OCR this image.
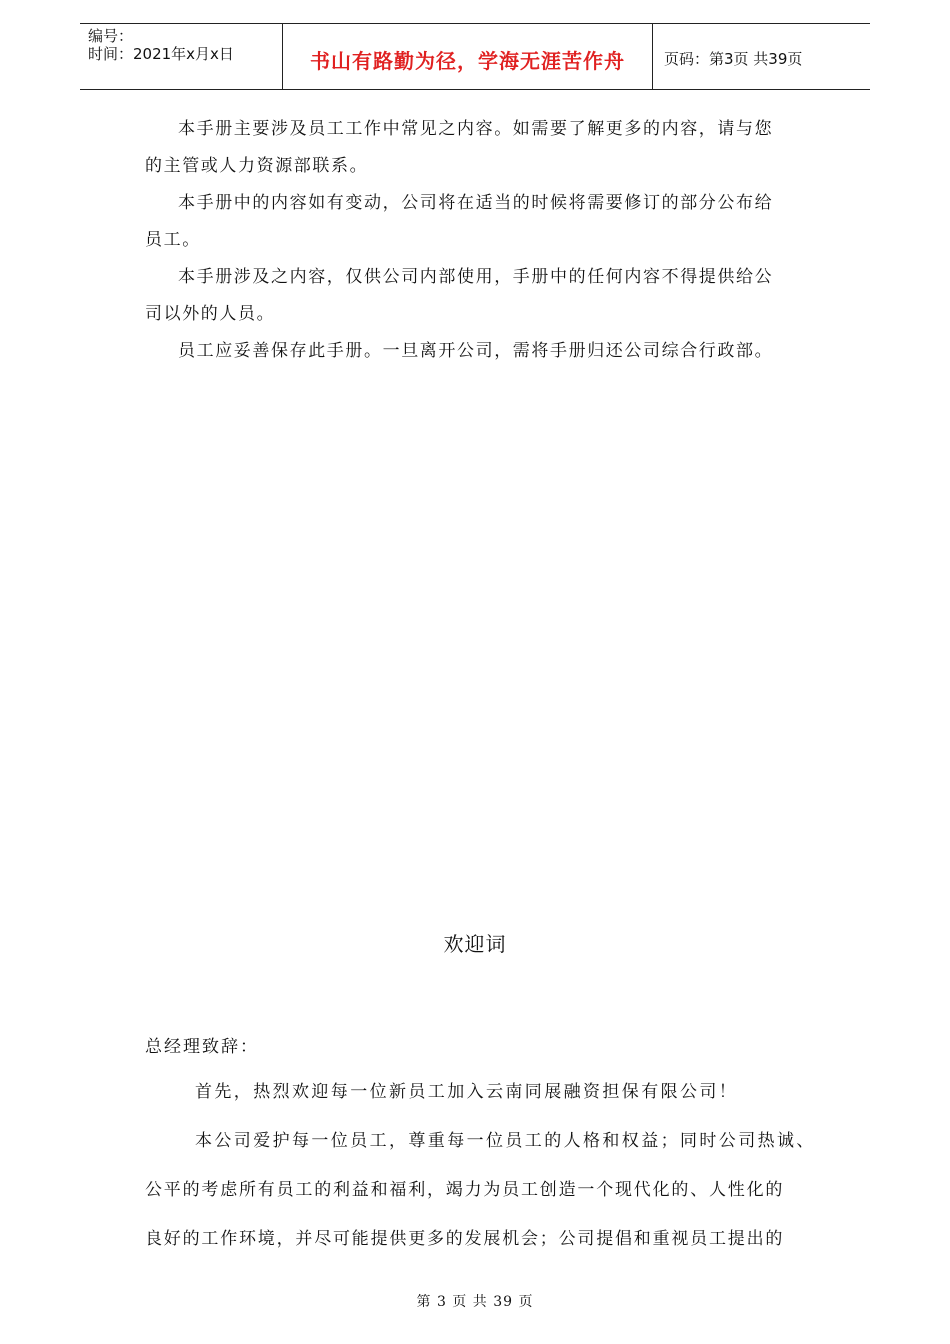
编号：
时间：2021年x月x日	书山有路勤为径，学海无涯苦作舟	页码：第3页 共39页
本手册主要涉及员工工作中常见之内容。如需要了解更多的内容，请与您
的主管或人力资源部联系。
本手册中的内容如有变动，公司将在适当的时候将需要修订的部分公布给
员工。
本手册涉及之内容，仅供公司内部使用，手册中的任何内容不得提供给公
司以外的人员。
员工应妥善保存此手册。一旦离开公司，需将手册归还公司综合行政部。
欢迎词
总经理致辞：
首先，热烈欢迎每一位新员工加入云南同展融资担保有限公司！
本公司爱护每一位员工，尊重每一位员工的人格和权益；同时公司热诚、
公平的考虑所有员工的利益和福利，竭力为员工创造一个现代化的、人性化的
良好的工作环境，并尽可能提供更多的发展机会；公司提倡和重视员工提出的
第 3 页 共 39 页
